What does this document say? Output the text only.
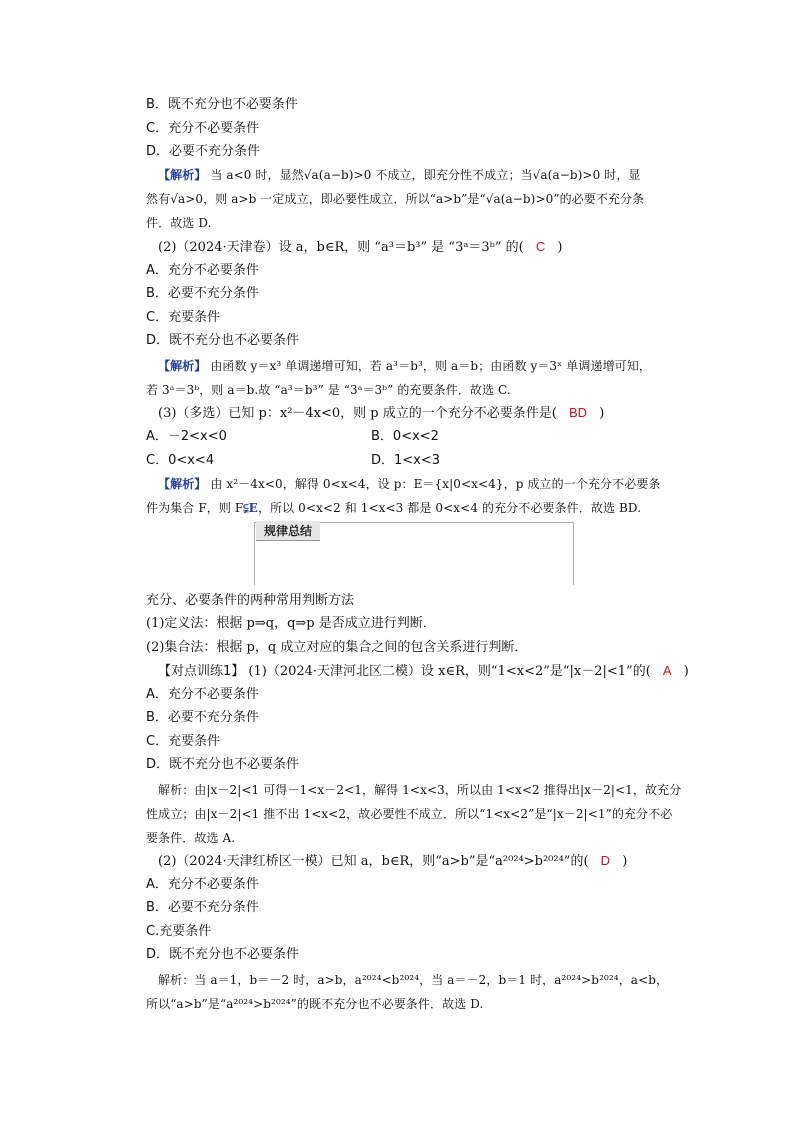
B．既不充分也不必要条件
C．充分不必要条件
D．必要不充分条件
【解析】 当 a<0 时，显然√a(a−b)>0 不成立，即充分性不成立；当√a(a−b)>0 时，显
然有√a>0，则 a>b 一定成立，即必要性成立．所以“a>b”是“√a(a−b)>0”的必要不充分条
件．故选 D.
(2)（2024·天津卷）设 a，b∈R，则 “a³＝b³” 是 “3ᵃ＝3ᵇ” 的( C )
A．充分不必要条件
B．必要不充分条件
C．充要条件
D．既不充分也不必要条件
【解析】 由函数 y＝x³ 单调递增可知，若 a³＝b³，则 a＝b；由函数 y＝3ˣ 单调递增可知，
若 3ᵃ＝3ᵇ，则 a＝b.故 “a³＝b³” 是 “3ᵃ＝3ᵇ” 的充要条件．故选 C.
(3)（多选）已知 p：x²－4x<0，则 p 成立的一个充分不必要条件是( BD )
A．－2<x<0	B．0<x<2
C．0<x<4	D．1<x<3
【解析】 由 x²－4x<0，解得 0<x<4，设 p：E＝{x|0<x<4}，p 成立的一个充分不必要条
件为集合 F，则 F⫋E，所以 0<x<2 和 1<x<3 都是 0<x<4 的充分不必要条件．故选 BD.
规律总结
充分、必要条件的两种常用判断方法
(1)定义法：根据 p⇒q，q⇒p 是否成立进行判断．
(2)集合法：根据 p，q 成立对应的集合之间的包含关系进行判断．
【对点训练1】 (1)（2024·天津河北区二模）设 x∈R，则“1<x<2”是“|x－2|<1”的( A )
A．充分不必要条件
B．必要不充分条件
C．充要条件
D．既不充分也不必要条件
解析：由|x－2|<1 可得－1<x－2<1，解得 1<x<3，所以由 1<x<2 推得出|x－2|<1，故充分
性成立；由|x－2|<1 推不出 1<x<2，故必要性不成立．所以“1<x<2”是“|x－2|<1”的充分不必
要条件．故选 A.
(2)（2024·天津红桥区一模）已知 a，b∈R，则“a>b”是“a²⁰²⁴>b²⁰²⁴”的( D )
A．充分不必要条件
B．必要不充分条件
C.充要条件
D．既不充分也不必要条件
解析：当 a＝1，b＝－2 时，a>b，a²⁰²⁴<b²⁰²⁴，当 a＝－2，b＝1 时，a²⁰²⁴>b²⁰²⁴，a<b，
所以“a>b”是“a²⁰²⁴>b²⁰²⁴”的既不充分也不必要条件．故选 D.
